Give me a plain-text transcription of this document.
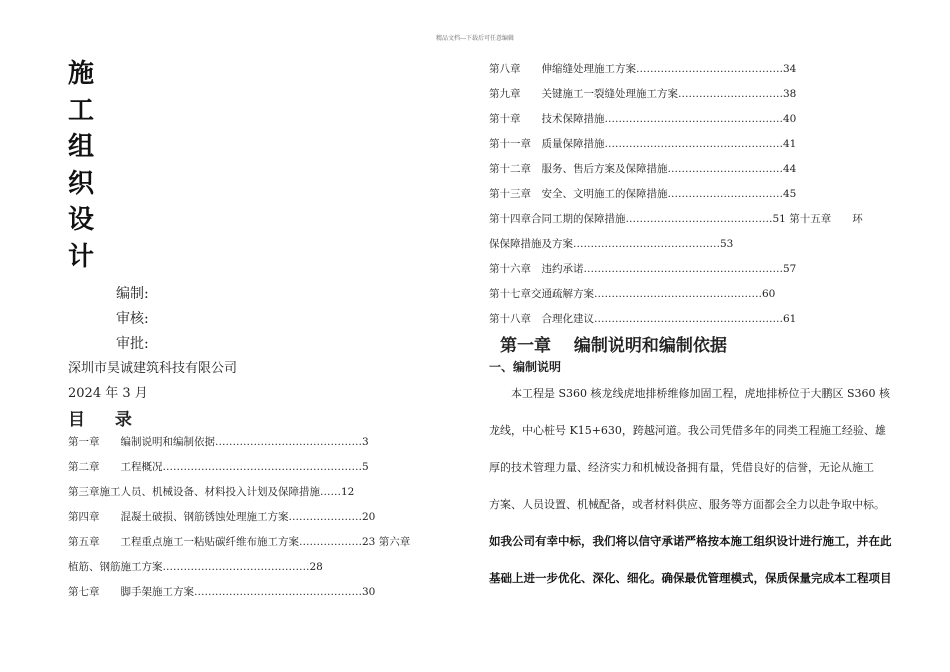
精品文档---下载后可任意编辑
施
工
组
织
设
计
编制:
审核:
审批:
深圳市昊诚建筑科技有限公司
2024 年 3 月
目 录
第一章　　编制说明和编制依据……………………………………3
第二章　　工程概况…………………………………………………5
第三章施工人员、机械设备、材料投入计划及保障措施……12
第四章　　混凝土破损、钢筋锈蚀处理施工方案…………………20
第五章　　工程重点施工一粘贴碳纤维布施工方案………………23 第六章
植筋、钢筋施工方案……………………………………28
第七章　　脚手架施工方案…………………………………………30
第八章　　伸缩缝处理施工方案……………………………………34
第九章　　关键施工一裂缝处理施工方案…………………………38
第十章　　技术保障措施……………………………………………40
第十一章　质量保障措施……………………………………………41
第十二章　服务、售后方案及保障措施……………………………44
第十三章　安全、文明施工的保障措施……………………………45
第十四章合同工期的保障措施……………………………………51 第十五章　　环
保保障措施及方案……………………………………53
第十六章　违约承诺…………………………………………………57
第十七章交通疏解方案…………………………………………60
第十八章　合理化建议………………………………………………61
第一章　 编制说明和编制依据
一、编制说明
　　本工程是 S360 核龙线虎地排桥维修加固工程，虎地排桥位于大鹏区 S360 核
龙线，中心桩号 K15+630，跨越河道。我公司凭借多年的同类工程施工经验、雄
厚的技术管理力量、经济实力和机械设备拥有量，凭借良好的信誉，无论从施工
方案、人员设置、机械配备，或者材料供应、服务等方面都会全力以赴争取中标。
如我公司有幸中标，我们将以信守承诺严格按本施工组织设计进行施工，并在此
基础上进一步优化、深化、细化。确保最优管理模式，保质保量完成本工程项目
